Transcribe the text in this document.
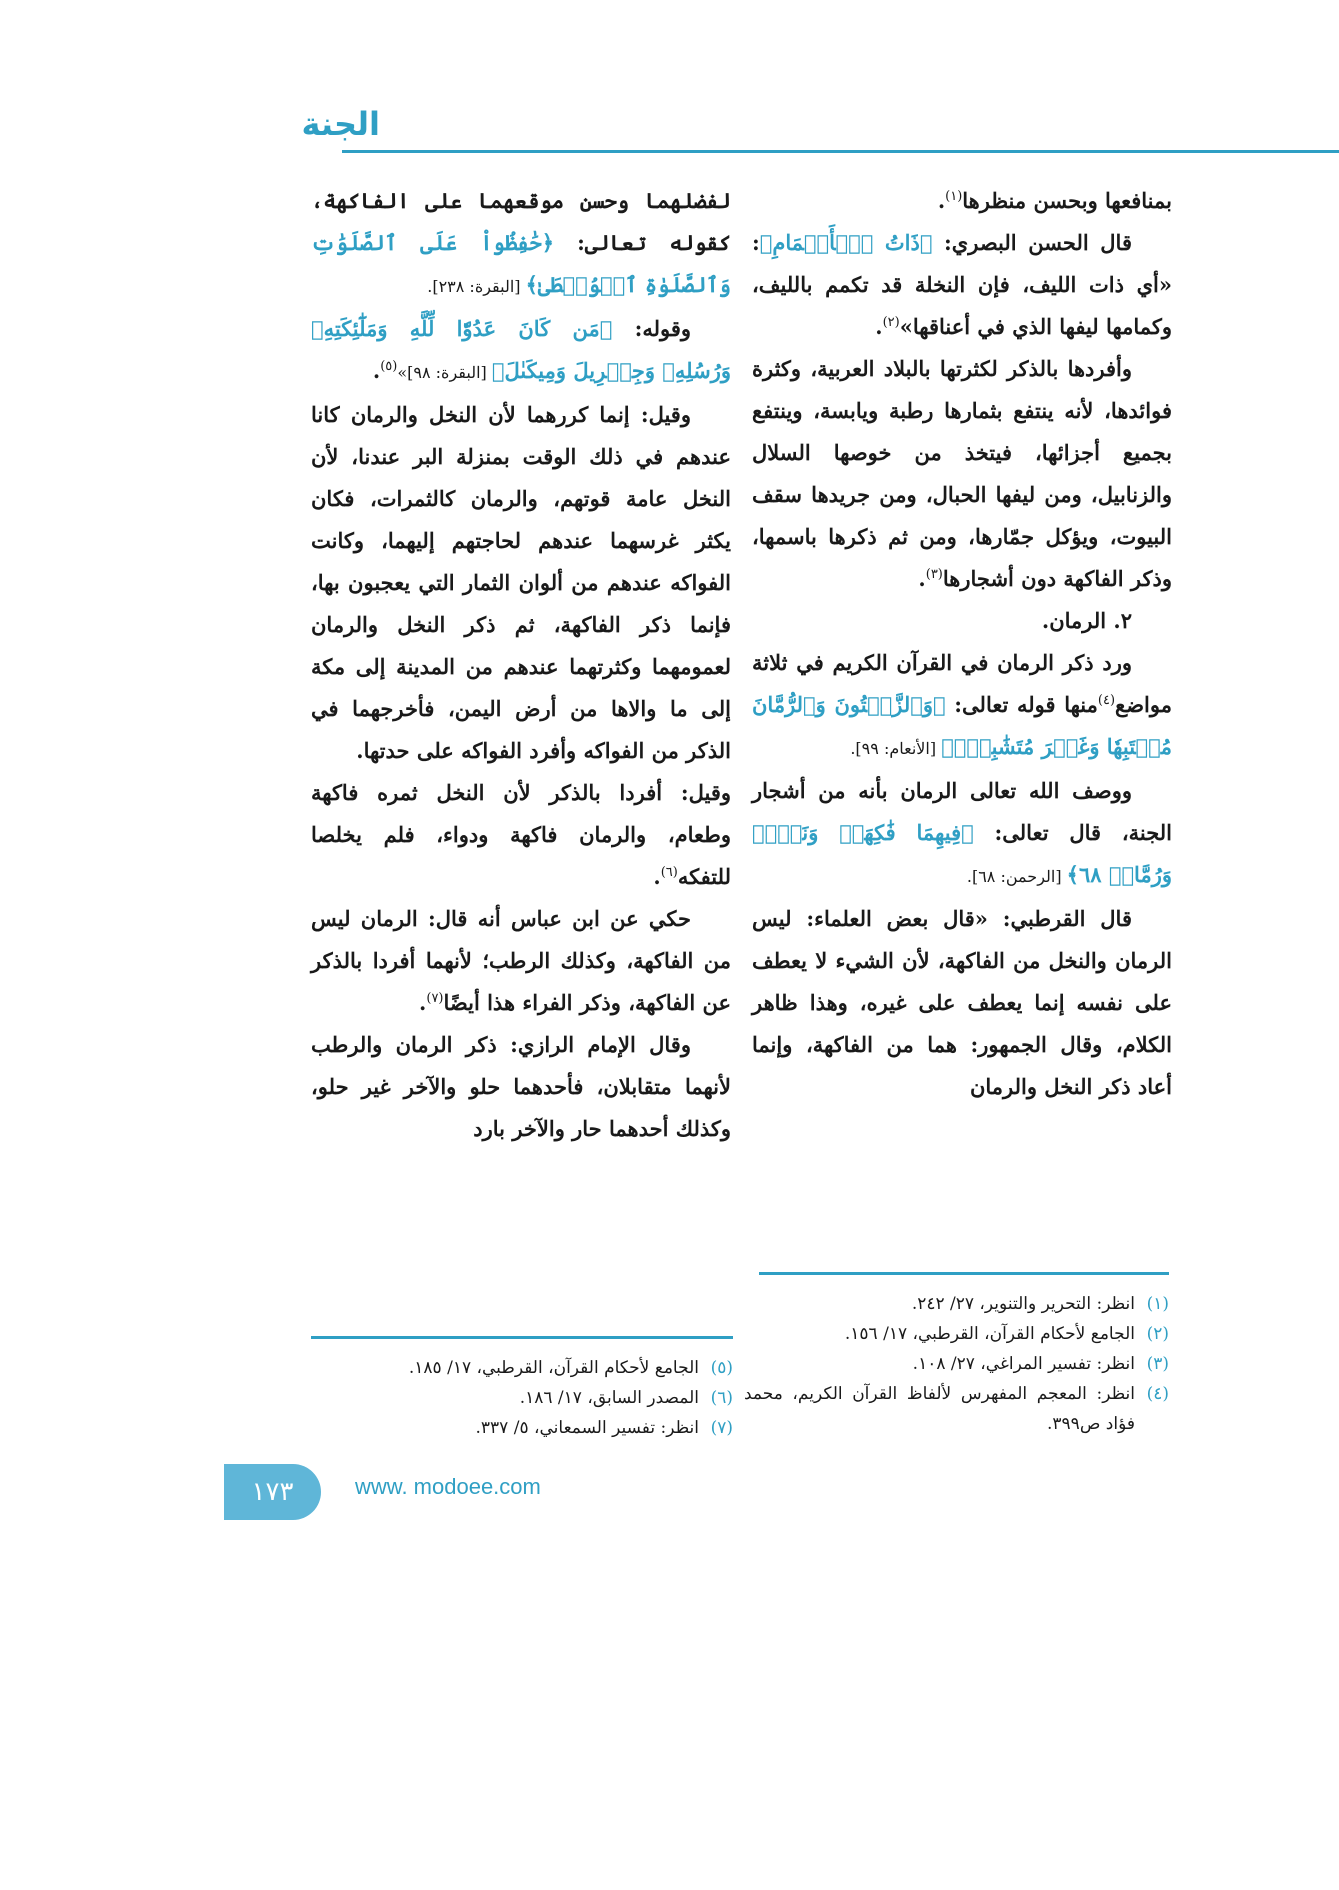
الجنة

بمنافعها وبحسن منظرها$^{(١)}$.

قال الحسن البصري: ﴿ذَاتُ ٱلۡأَكۡمَامِ﴾: «أي ذات الليف، فإن النخلة قد تكمم بالليف، وكمامها ليفها الذي في أعناقها»$^{(٢)}$.

وأفردها بالذكر لكثرتها بالبلاد العربية، وكثرة فوائدها، لأنه ينتفع بثمارها رطبة ويابسة، وينتفع بجميع أجزائها، فيتخذ من خوصها السلال والزنابيل، ومن ليفها الحبال، ومن جريدها سقف البيوت، ويؤكل جمّارها، ومن ثم ذكرها باسمها، وذكر الفاكهة دون أشجارها$^{(٣)}$.

٢. الرمان.

ورد ذكر الرمان في القرآن الكريم في ثلاثة مواضع$^{(٤)}$منها قوله تعالى: ﴿وَٱلزَّيۡتُونَ وَٱلرُّمَّانَ مُشۡتَبِهٗا وَغَيۡرَ مُتَشَٰبِهٍۚ﴾ [الأنعام: ٩٩].

ووصف الله تعالى الرمان بأنه من أشجار الجنة، قال تعالى: ﴿فِيهِمَا فَٰكِهَةٞ وَنَخۡلٞ وَرُمَّانٞ ٦٨﴾ [الرحمن: ٦٨].

قال القرطبي: «قال بعض العلماء: ليس الرمان والنخل من الفاكهة، لأن الشيء لا يعطف على نفسه إنما يعطف على غيره، وهذا ظاهر الكلام، وقال الجمهور: هما من الفاكهة، وإنما أعاد ذكر النخل والرمان

لفضلهما وحسن موقعهما على الفاكهة، كقوله تعالى: ﴿حَٰفِظُواْ عَلَى ٱلصَّلَوَٰتِ وَٱلصَّلَوٰةِ ٱلۡوُسۡطَىٰ﴾ [البقرة: ٢٣٨].

وقوله: ﴿مَن كَانَ عَدُوّٗا لِّلَّهِ وَمَلَٰٓئِكَتِهِۦ وَرُسُلِهِۦ وَجِبۡرِيلَ وَمِيكَىٰلَ﴾ [البقرة: ٩٨]»$^{(٥)}$.

وقيل: إنما كررهما لأن النخل والرمان كانا عندهم في ذلك الوقت بمنزلة البر عندنا، لأن النخل عامة قوتهم، والرمان كالثمرات، فكان يكثر غرسهما عندهم لحاجتهم إليهما، وكانت الفواكه عندهم من ألوان الثمار التي يعجبون بها، فإنما ذكر الفاكهة، ثم ذكر النخل والرمان لعمومهما وكثرتهما عندهم من المدينة إلى مكة إلى ما والاها من أرض اليمن، فأخرجهما في الذكر من الفواكه وأفرد الفواكه على حدتها.

وقيل: أفردا بالذكر لأن النخل ثمره فاكهة وطعام، والرمان فاكهة ودواء، فلم يخلصا للتفكه$^{(٦)}$.

حكي عن ابن عباس أنه قال: الرمان ليس من الفاكهة، وكذلك الرطب؛ لأنهما أفردا بالذكر عن الفاكهة، وذكر الفراء هذا أيضًا$^{(٧)}$.

وقال الإمام الرازي: ذكر الرمان والرطب لأنهما متقابلان، فأحدهما حلو والآخر غير حلو، وكذلك أحدهما حار والآخر بارد

(١)
انظر: التحرير والتنوير، ٢٧/ ٢٤٢.
(٢)
الجامع لأحكام القرآن، القرطبي، ١٧/ ١٥٦.
(٣)
انظر: تفسير المراغي، ٢٧/ ١٠٨.
(٤)
انظر: المعجم المفهرس لألفاظ القرآن الكريم، محمد فؤاد ص٣٩٩.
(٥)
الجامع لأحكام القرآن، القرطبي، ١٧/ ١٨٥.
(٦)
المصدر السابق، ١٧/ ١٨٦.
(٧)
انظر: تفسير السمعاني، ٥/ ٣٣٧.
١٧٣	www. modoee.com
